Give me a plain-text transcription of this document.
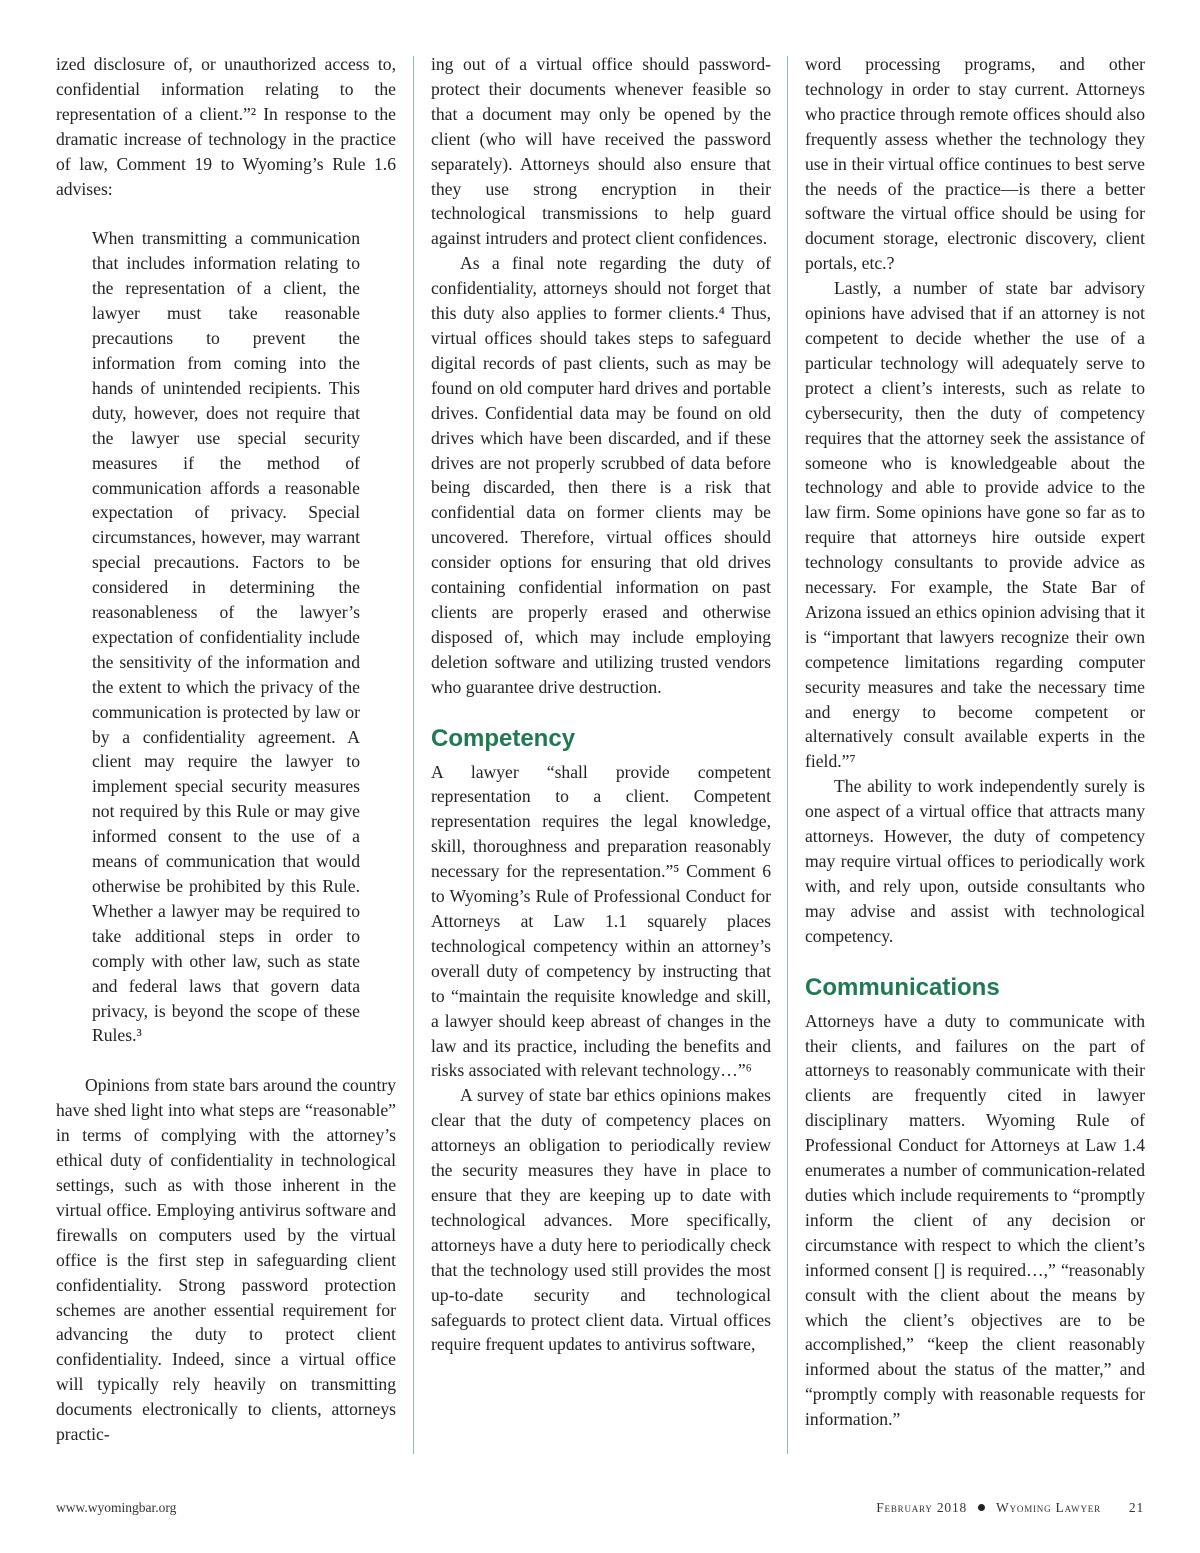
ized disclosure of, or unauthorized access to, confidential information relating to the representation of a client.”² In response to the dramatic increase of technology in the practice of law, Comment 19 to Wyoming’s Rule 1.6 advises:

When transmitting a communication that includes information relating to the representation of a client, the lawyer must take reasonable precautions to prevent the information from coming into the hands of unintended recipients. This duty, however, does not require that the lawyer use special security measures if the method of communication affords a reasonable expectation of privacy. Special circumstances, however, may warrant special precautions. Factors to be considered in determining the reasonableness of the lawyer’s expectation of confidentiality include the sensitivity of the information and the extent to which the privacy of the communication is protected by law or by a confidentiality agreement. A client may require the lawyer to implement special security measures not required by this Rule or may give informed consent to the use of a means of communication that would otherwise be prohibited by this Rule. Whether a lawyer may be required to take additional steps in order to comply with other law, such as state and federal laws that govern data privacy, is beyond the scope of these Rules.³

Opinions from state bars around the country have shed light into what steps are “reasonable” in terms of complying with the attorney’s ethical duty of confidentiality in technological settings, such as with those inherent in the virtual office. Employing antivirus software and firewalls on computers used by the virtual office is the first step in safeguarding client confidentiality. Strong password protection schemes are another essential requirement for advancing the duty to protect client confidentiality. Indeed, since a virtual office will typically rely heavily on transmitting documents electronically to clients, attorneys practic-

ing out of a virtual office should password-protect their documents whenever feasible so that a document may only be opened by the client (who will have received the password separately). Attorneys should also ensure that they use strong encryption in their technological transmissions to help guard against intruders and protect client confidences.

As a final note regarding the duty of confidentiality, attorneys should not forget that this duty also applies to former clients.⁴ Thus, virtual offices should takes steps to safeguard digital records of past clients, such as may be found on old computer hard drives and portable drives. Confidential data may be found on old drives which have been discarded, and if these drives are not properly scrubbed of data before being discarded, then there is a risk that confidential data on former clients may be uncovered. Therefore, virtual offices should consider options for ensuring that old drives containing confidential information on past clients are properly erased and otherwise disposed of, which may include employing deletion software and utilizing trusted vendors who guarantee drive destruction.

Competency

A lawyer “shall provide competent representation to a client. Competent representation requires the legal knowledge, skill, thoroughness and preparation reasonably necessary for the representation.”⁵ Comment 6 to Wyoming’s Rule of Professional Conduct for Attorneys at Law 1.1 squarely places technological competency within an attorney’s overall duty of competency by instructing that to “maintain the requisite knowledge and skill, a lawyer should keep abreast of changes in the law and its practice, including the benefits and risks associated with relevant technology…”⁶

A survey of state bar ethics opinions makes clear that the duty of competency places on attorneys an obligation to periodically review the security measures they have in place to ensure that they are keeping up to date with technological advances. More specifically, attorneys have a duty here to periodically check that the technology used still provides the most up-to-date security and technological safeguards to protect client data. Virtual offices require frequent updates to antivirus software,

word processing programs, and other technology in order to stay current. Attorneys who practice through remote offices should also frequently assess whether the technology they use in their virtual office continues to best serve the needs of the practice—is there a better software the virtual office should be using for document storage, electronic discovery, client portals, etc.?

Lastly, a number of state bar advisory opinions have advised that if an attorney is not competent to decide whether the use of a particular technology will adequately serve to protect a client’s interests, such as relate to cybersecurity, then the duty of competency requires that the attorney seek the assistance of someone who is knowledgeable about the technology and able to provide advice to the law firm. Some opinions have gone so far as to require that attorneys hire outside expert technology consultants to provide advice as necessary. For example, the State Bar of Arizona issued an ethics opinion advising that it is “important that lawyers recognize their own competence limitations regarding computer security measures and take the necessary time and energy to become competent or alternatively consult available experts in the field.”⁷

The ability to work independently surely is one aspect of a virtual office that attracts many attorneys. However, the duty of competency may require virtual offices to periodically work with, and rely upon, outside consultants who may advise and assist with technological competency.

Communications

Attorneys have a duty to communicate with their clients, and failures on the part of attorneys to reasonably communicate with their clients are frequently cited in lawyer disciplinary matters. Wyoming Rule of Professional Conduct for Attorneys at Law 1.4 enumerates a number of communication-related duties which include requirements to “promptly inform the client of any decision or circumstance with respect to which the client’s informed consent [] is required…,” “reasonably consult with the client about the means by which the client’s objectives are to be accomplished,” “keep the client reasonably informed about the status of the matter,” and “promptly comply with reasonable requests for information.”

www.wyomingbar.org	February 2018 Wyoming Lawyer 21
